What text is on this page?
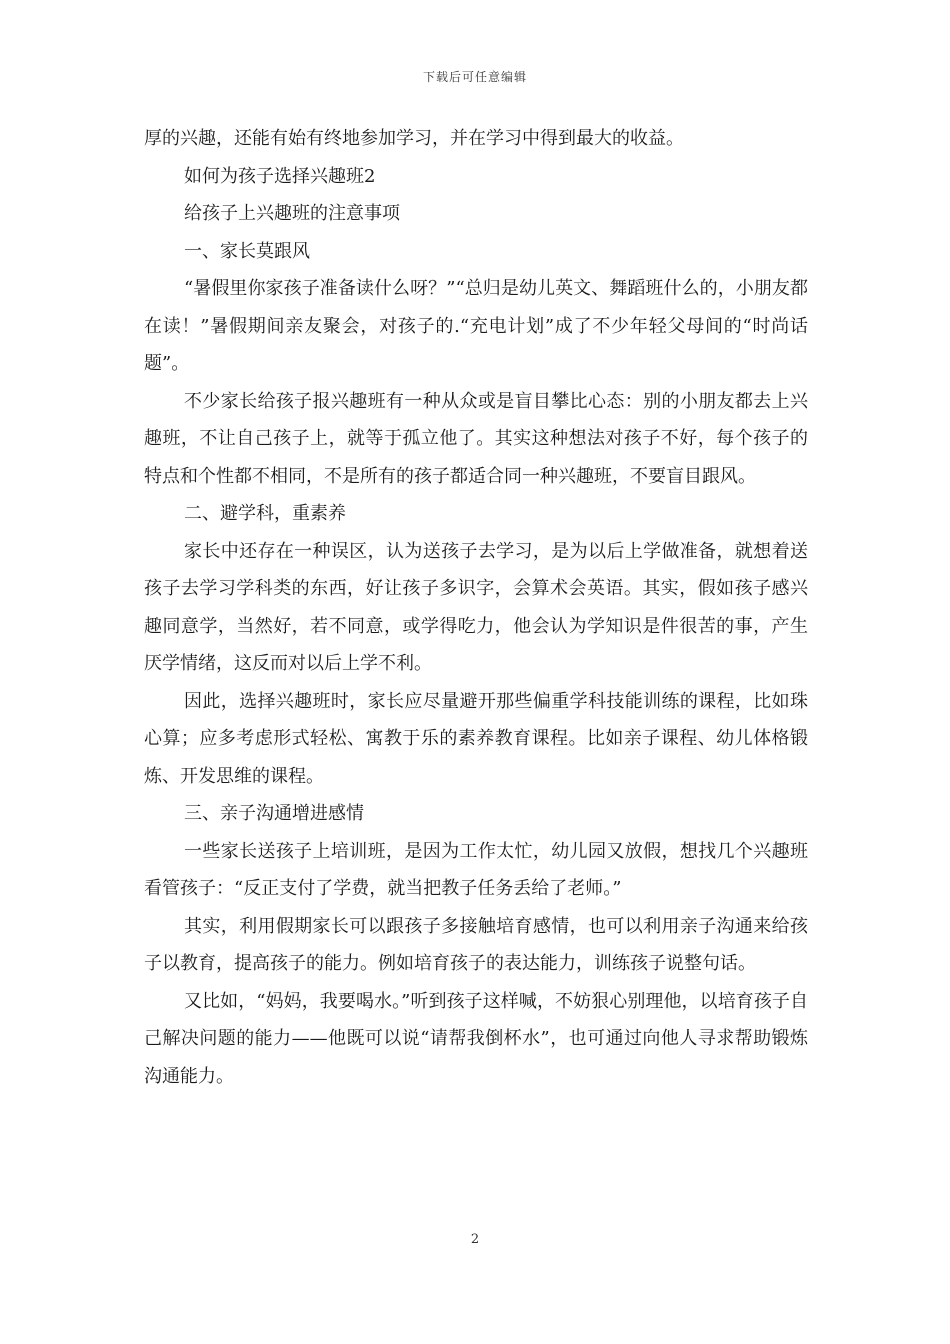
下载后可任意编辑

厚的兴趣，还能有始有终地参加学习，并在学习中得到最大的收益。

如何为孩子选择兴趣班2

给孩子上兴趣班的注意事项

一、家长莫跟风

“暑假里你家孩子准备读什么呀？”“总归是幼儿英文、舞蹈班什么的，小朋友都在读！”暑假期间亲友聚会，对孩子的.“充电计划”成了不少年轻父母间的“时尚话题”。

不少家长给孩子报兴趣班有一种从众或是盲目攀比心态：别的小朋友都去上兴趣班，不让自己孩子上，就等于孤立他了。其实这种想法对孩子不好，每个孩子的特点和个性都不相同，不是所有的孩子都适合同一种兴趣班，不要盲目跟风。

二、避学科，重素养

家长中还存在一种误区，认为送孩子去学习，是为以后上学做准备，就想着送孩子去学习学科类的东西，好让孩子多识字，会算术会英语。其实，假如孩子感兴趣同意学，当然好，若不同意，或学得吃力，他会认为学知识是件很苦的事，产生厌学情绪，这反而对以后上学不利。

因此，选择兴趣班时，家长应尽量避开那些偏重学科技能训练的课程，比如珠心算；应多考虑形式轻松、寓教于乐的素养教育课程。比如亲子课程、幼儿体格锻炼、开发思维的课程。

三、亲子沟通增进感情

一些家长送孩子上培训班，是因为工作太忙，幼儿园又放假，想找几个兴趣班看管孩子：“反正支付了学费，就当把教子任务丢给了老师。”

其实，利用假期家长可以跟孩子多接触培育感情，也可以利用亲子沟通来给孩子以教育，提高孩子的能力。例如培育孩子的表达能力，训练孩子说整句话。

又比如，“妈妈，我要喝水。”听到孩子这样喊，不妨狠心别理他，以培育孩子自己解决问题的能力——他既可以说“请帮我倒杯水”，也可通过向他人寻求帮助锻炼沟通能力。

2
